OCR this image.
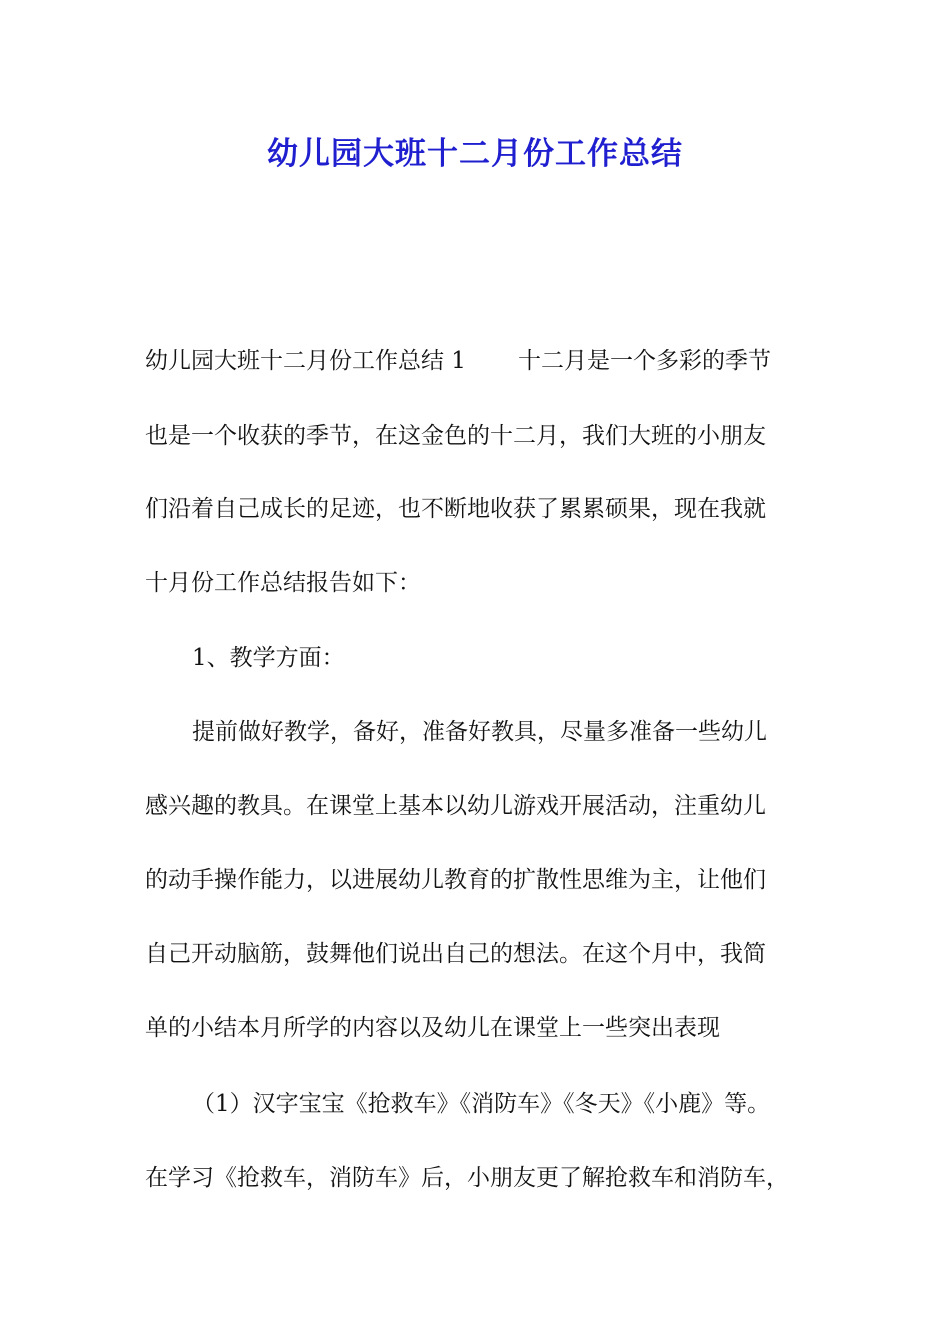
幼儿园大班十二月份工作总结
幼儿园大班十二月份工作总结 1 十二月是一个多彩的季节
也是一个收获的季节，在这金色的十二月，我们大班的小朋友
们沿着自己成长的足迹，也不断地收获了累累硕果，现在我就
十月份工作总结报告如下：
1、教学方面：
提前做好教学，备好，准备好教具，尽量多准备一些幼儿
感兴趣的教具。在课堂上基本以幼儿游戏开展活动，注重幼儿
的动手操作能力，以进展幼儿教育的扩散性思维为主，让他们
自己开动脑筋，鼓舞他们说出自己的想法。在这个月中，我简
单的小结本月所学的内容以及幼儿在课堂上一些突出表现
（1）汉字宝宝《抢救车》《消防车》《冬天》《小鹿》等。
在学习《抢救车，消防车》后，小朋友更了解抢救车和消防车，
